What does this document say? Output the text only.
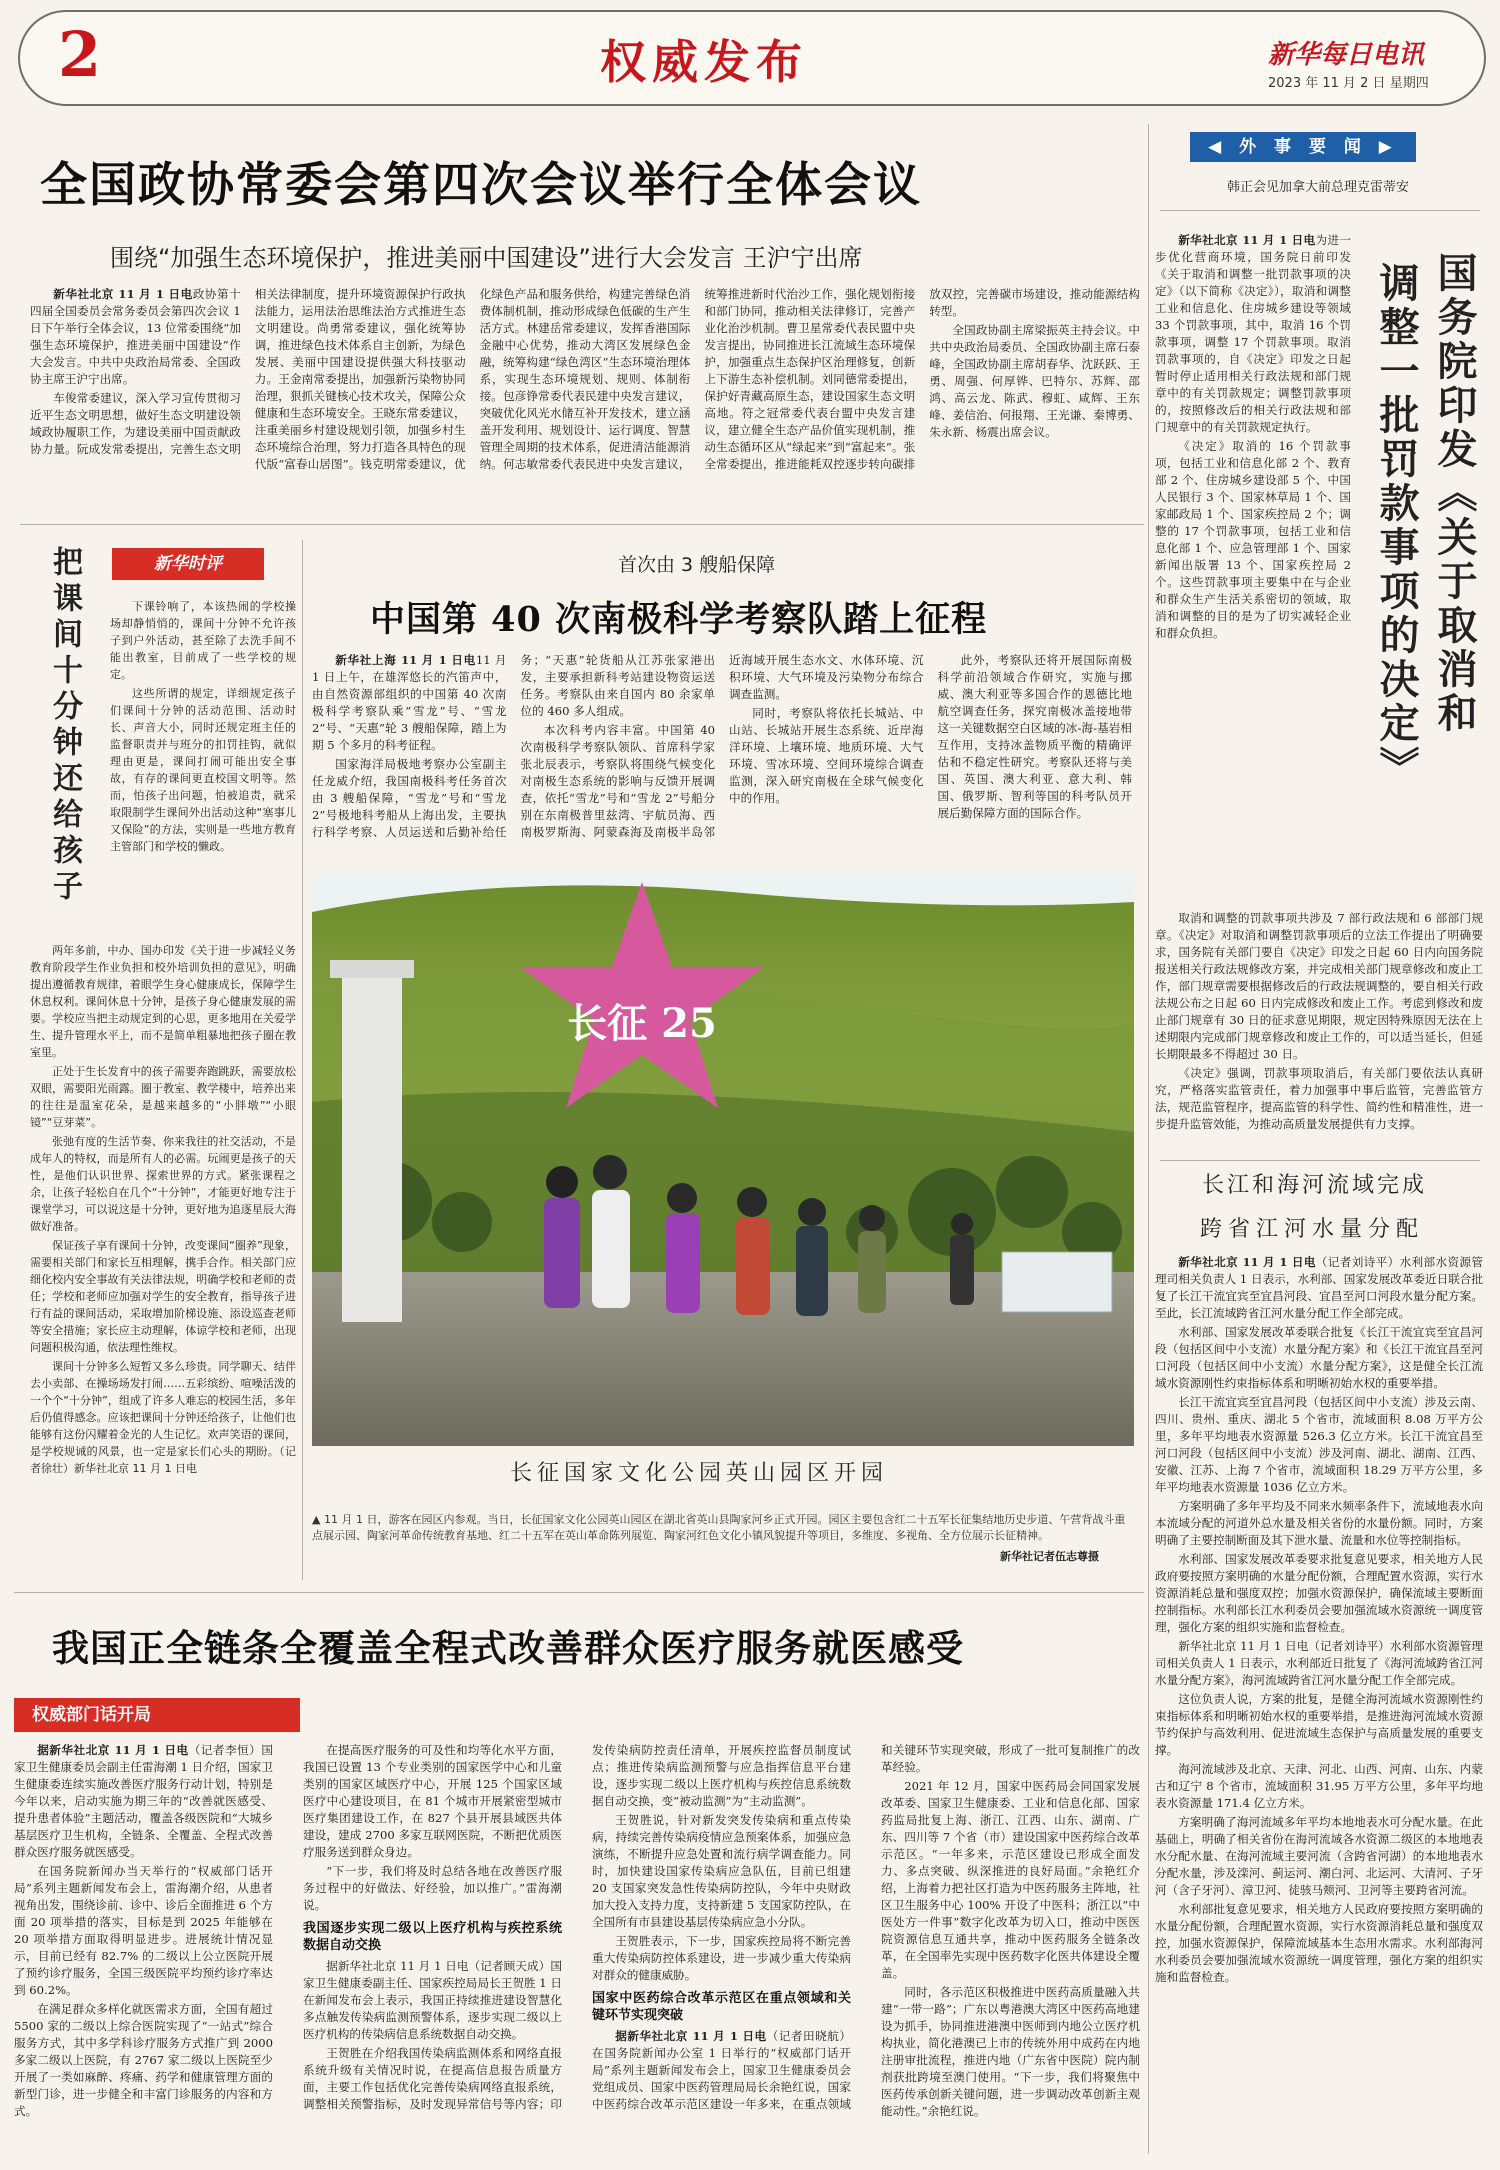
2	权威发布	新华每日电讯
2023 年 11 月 2 日 星期四
全国政协常委会第四次会议举行全体会议
围绕“加强生态环境保护，推进美丽中国建设”进行大会发言 王沪宁出席

新华社北京 11 月 1 日电政协第十四届全国委员会常务委员会第四次会议 1 日下午举行全体会议，13 位常委围绕“加强生态环境保护，推进美丽中国建设”作大会发言。中共中央政治局常委、全国政协主席王沪宁出席。

车俊常委建议，深入学习宣传贯彻习近平生态文明思想，做好生态文明建设领域政协履职工作，为建设美丽中国贡献政协力量。阮成发常委提出，完善生态文明相关法律制度，提升环境资源保护行政执法能力，运用法治思维法治方式推进生态文明建设。尚勇常委建议，强化统筹协调，推进绿色技术体系自主创新，为绿色发展、美丽中国建设提供强大科技驱动力。王金南常委提出，加强新污染物协同治理，狠抓关键核心技术攻关，保障公众健康和生态环境安全。王晓东常委建议，注重美丽乡村建设规划引领，加强乡村生态环境综合治理，努力打造各具特色的现代版“富春山居图”。钱克明常委建议，优化绿色产品和服务供给，构建完善绿色消费体制机制，推动形成绿色低碳的生产生活方式。林建岳常委建议，发挥香港国际金融中心优势，推动大湾区发展绿色金融，统筹构建“绿色湾区”生态环境治理体系，实现生态环境规划、规则、体制衔接。包彦铮常委代表民建中央发言建议，突破优化风光水储互补开发技术，建立涵盖开发利用、规划设计、运行调度、智慧管理全周期的技术体系，促进清洁能源消纳。何志敏常委代表民进中央发言建议，统筹推进新时代治沙工作，强化规划衔接和部门协同，推动相关法律修订，完善产业化治沙机制。曹卫星常委代表民盟中央发言提出，协同推进长江流域生态环境保护，加强重点生态保护区治理修复，创新上下游生态补偿机制。刘同德常委提出，保护好青藏高原生态，建设国家生态文明高地。符之冠常委代表台盟中央发言建议，建立健全生态产品价值实现机制，推动生态循环区从“绿起来”到“富起来”。张全常委提出，推进能耗双控逐步转向碳排放双控，完善碳市场建设，推动能源结构转型。

全国政协副主席梁振英主持会议。中共中央政治局委员、全国政协副主席石泰峰，全国政协副主席胡春华、沈跃跃、王勇、周强、何厚铧、巴特尔、苏辉、邵鸿、高云龙、陈武、穆虹、咸辉、王东峰、姜信治、何报翔、王光谦、秦博勇、朱永新、杨震出席会议。

◀ 外 事 要 闻 ▶
韩正会见加拿大前总理克雷蒂安
国务院印发《关于取消和
调整一批罚款事项的决定》

新华社北京 11 月 1 日电为进一步优化营商环境，国务院日前印发《关于取消和调整一批罚款事项的决定》（以下简称《决定》），取消和调整工业和信息化、住房城乡建设等领域 33 个罚款事项，其中，取消 16 个罚款事项，调整 17 个罚款事项。取消罚款事项的，自《决定》印发之日起暂时停止适用相关行政法规和部门规章中的有关罚款规定；调整罚款事项的，按照修改后的相关行政法规和部门规章中的有关罚款规定执行。

《决定》取消的 16 个罚款事项，包括工业和信息化部 2 个、教育部 2 个、住房城乡建设部 5 个、中国人民银行 3 个、国家林草局 1 个、国家邮政局 1 个、国家疾控局 2 个；调整的 17 个罚款事项，包括工业和信息化部 1 个、应急管理部 1 个、国家新闻出版署 13 个、国家疾控局 2 个。这些罚款事项主要集中在与企业和群众生产生活关系密切的领域，取消和调整的目的是为了切实减轻企业和群众负担。

取消和调整的罚款事项共涉及 7 部行政法规和 6 部部门规章。《决定》对取消和调整罚款事项后的立法工作提出了明确要求，国务院有关部门要自《决定》印发之日起 60 日内向国务院报送相关行政法规修改方案，并完成相关部门规章修改和废止工作，部门规章需要根据修改后的行政法规调整的，要自相关行政法规公布之日起 60 日内完成修改和废止工作。考虑到修改和废止部门规章有 30 日的征求意见期限，规定因特殊原因无法在上述期限内完成部门规章修改和废止工作的，可以适当延长，但延长期限最多不得超过 30 日。

《决定》强调，罚款事项取消后，有关部门要依法认真研究，严格落实监管责任，着力加强事中事后监管，完善监管方法，规范监管程序，提高监管的科学性、简约性和精准性，进一步提升监管效能，为推动高质量发展提供有力支撑。

把课间十分钟还给孩子	新华时评

下课铃响了，本该热闹的学校操场却静悄悄的，课间十分钟不允许孩子到户外活动，甚至除了去洗手间不能出教室，目前成了一些学校的规定。

这些所谓的规定，详细规定孩子们课间十分钟的活动范围、活动时长、声音大小，同时还规定班主任的监督职责并与班分的扣罚挂钩，就似理由更是，课间打闹可能出安全事故，有存的课间更直校国文明等。然而，怕孩子出问题，怕被追责，就采取限制学生课间外出活动这种“塞事儿又保险”的方法，实则是一些地方教育主管部门和学校的懒政。

两年多前，中办、国办印发《关于进一步减轻义务教育阶段学生作业负担和校外培训负担的意见》，明确提出遵循教育规律，着眼学生身心健康成长，保障学生休息权利。课间休息十分钟，是孩子身心健康发展的需要。学校应当把主动规定到的心思，更多地用在关爱学生、提升管理水平上，而不是简单粗暴地把孩子圈在教室里。

正处于生长发育中的孩子需要奔跑跳跃，需要放松双眼，需要阳光雨露。圈于教室、教学楼中，培养出来的往往是温室花朵，是越来越多的“小胖墩”“小眼镜”“豆芽菜”。

张弛有度的生活节奏、你来我往的社交活动，不是成年人的特权，而是所有人的必需。玩闹更是孩子的天性，是他们认识世界、探索世界的方式。紧张课程之余，让孩子轻松自在几个“十分钟”，才能更好地专注于课堂学习，可以说这是十分钟，更好地为追逐星辰大海做好准备。

保证孩子享有课间十分钟，改变课间“圈养”现象，需要相关部门和家长互相理解，携手合作。相关部门应细化校内安全事故有关法律法规，明确学校和老师的责任；学校和老师应加强对学生的安全教育，指导孩子进行有益的课间活动，采取增加阶梯设施、添设巡查老师等安全措施；家长应主动理解，体谅学校和老师，出现问题积极沟通，依法理性维权。

课间十分钟多么短暂又多么珍贵。同学聊天、结伴去小卖部、在操场场发打闹……五彩缤纷、喧噪活泼的一个个“十分钟”，组成了许多人难忘的校园生活，多年后仍值得感念。应该把课间十分钟还给孩子，让他们也能够有这份闪耀着金光的人生记忆。欢声笑语的课间，是学校规诫的风景，也一定是家长们心头的期盼。（记者徐壮）新华社北京 11 月 1 日电

首次由 3 艘船保障
中国第 40 次南极科学考察队踏上征程

新华社上海 11 月 1 日电11 月 1 日上午，在雄浑悠长的汽笛声中，由自然资源部组织的中国第 40 次南极科学考察队乘“雪龙”号、“雪龙 2”号、“天惠”轮 3 艘船保障，踏上为期 5 个多月的科考征程。

国家海洋局极地考察办公室副主任龙威介绍，我国南极科考任务首次由 3 艘船保障，“雪龙”号和“雪龙 2”号极地科考船从上海出发，主要执行科学考察、人员运送和后勤补给任务；“天惠”轮货船从江苏张家港出发，主要承担新科考站建设物资运送任务。考察队由来自国内 80 余家单位的 460 多人组成。

本次科考内容丰富。中国第 40 次南极科学考察队领队、首席科学家张北辰表示，考察队将围绕气候变化对南极生态系统的影响与反馈开展调查，依托“雪龙”号和“雪龙 2”号船分别在东南极普里兹湾、宇航员海、西南极罗斯海、阿蒙森海及南极半岛邻近海域开展生态水文、水体环境、沉积环境、大气环境及污染物分布综合调查监测。

同时，考察队将依托长城站、中山站、长城站开展生态系统、近岸海洋环境、上壤环境、地质环境、大气环境、雪冰环境、空间环境综合调查监测，深入研究南极在全球气候变化中的作用。

此外，考察队还将开展国际南极科学前沿领域合作研究，实施与挪威、澳大利亚等多国合作的恩德比地航空调查任务，探究南极冰盖接地带这一关键数据空白区域的冰-海-基岩相互作用，支持冰盖物质平衡的精确评估和不稳定性研究。考察队还将与美国、英国、澳大利亚、意大利、韩国、俄罗斯、智利等国的科考队员开展后勤保障方面的国际合作。

长征 25
长征国家文化公园英山园区开园
▲ 11 月 1 日，游客在园区内参观。当日，长征国家文化公园英山园区在湖北省英山县陶家河乡正式开园。园区主要包含红二十五军长征集结地历史步道、午营背战斗重点展示园、陶家河革命传统教育基地、红二十五军在英山革命陈列展览、陶家河红色文化小镇风貌提升等项目，多维度、多视角、全方位展示长征精神。
新华社记者伍志尊摄
长江和海河流域完成
跨省江河水量分配

新华社北京 11 月 1 日电（记者刘诗平）水利部水资源管理司相关负责人 1 日表示，水利部、国家发展改革委近日联合批复了长江干流宜宾至宜昌河段、宜昌至河口河段水量分配方案。至此，长江流域跨省江河水量分配工作全部完成。

水利部、国家发展改革委联合批复《长江干流宜宾至宜昌河段（包括区间中小支流）水量分配方案》和《长江干流宜昌至河口河段（包括区间中小支流）水量分配方案》，这是健全长江流域水资源刚性约束指标体系和明晰初始水权的重要举措。

长江干流宜宾至宜昌河段（包括区间中小支流）涉及云南、四川、贵州、重庆、湖北 5 个省市，流域面积 8.08 万平方公里，多年平均地表水资源量 526.3 亿立方米。长江干流宜昌至河口河段（包括区间中小支流）涉及河南、湖北、湖南、江西、安徽、江苏、上海 7 个省市，流域面积 18.29 万平方公里，多年平均地表水资源量 1036 亿立方米。

方案明确了多年平均及不同来水频率条件下，流域地表水向本流域分配的河道外总水量及相关省份的水量份额。同时，方案明确了主要控制断面及其下泄水量、流量和水位等控制指标。

水利部、国家发展改革委要求批复意见要求，相关地方人民政府要按照方案明确的水量分配份额，合理配置水资源，实行水资源消耗总量和强度双控；加强水资源保护，确保流域主要断面控制指标。水利部长江水利委员会要加强流域水资源统一调度管理，强化方案的组织实施和监督检查。

新华社北京 11 月 1 日电（记者刘诗平）水利部水资源管理司相关负责人 1 日表示，水利部近日批复了《海河流域跨省江河水量分配方案》，海河流域跨省江河水量分配工作全部完成。

这位负责人说，方案的批复，是健全海河流域水资源刚性约束指标体系和明晰初始水权的重要举措，是推进海河流域水资源节约保护与高效利用、促进流域生态保护与高质量发展的重要支撑。

海河流域涉及北京、天津、河北、山西、河南、山东、内蒙古和辽宁 8 个省市，流域面积 31.95 万平方公里，多年平均地表水资源量 171.4 亿立方米。

方案明确了海河流域多年平均本地地表水可分配水量。在此基础上，明确了相关省份在海河流域各水资源二级区的本地地表水分配水量、在海河流域主要河流（含跨省河湖）的本地地表水分配水量，涉及滦河、蓟运河、潮白河、北运河、大清河、子牙河（含子牙河）、漳卫河、徒骇马颊河、卫河等主要跨省河流。

水利部批复意见要求，相关地方人民政府要按照方案明确的水量分配份额，合理配置水资源，实行水资源消耗总量和强度双控，加强水资源保护，保障流域基本生态用水需求。水利部海河水利委员会要加强流域水资源统一调度管理，强化方案的组织实施和监督检查。

我国正全链条全覆盖全程式改善群众医疗服务就医感受
权威部门话开局

据新华社北京 11 月 1 日电（记者李恒）国家卫生健康委员会副主任雷海潮 1 日介绍，国家卫生健康委连续实施改善医疗服务行动计划，特别是今年以来，启动实施为期三年的“改善就医感受、提升患者体验”主题活动，覆盖各级医院和“大城乡基层医疗卫生机构，全链条、全覆盖、全程式改善群众医疗服务就医感受。

在国务院新闻办当天举行的“权威部门话开局”系列主题新闻发布会上，雷海潮介绍，从患者视角出发，围绕诊前、诊中、诊后全面推进 6 个方面 20 项举措的落实，目标是到 2025 年能够在 20 项举措方面取得明显进步。进展统计情况显示，目前已经有 82.7% 的二级以上公立医院开展了预约诊疗服务，全国三级医院平均预约诊疗率达到 60.2%。

在满足群众多样化就医需求方面，全国有超过 5500 家的二级以上综合医院实现了“一站式”综合服务方式，其中多学科诊疗服务方式推广到 2000 多家二级以上医院，有 2767 家二级以上医院至少开展了一类如麻醉、疼痛、药学和健康管理方面的新型门诊，进一步健全和丰富门诊服务的内容和方式。

在提高医疗服务的可及性和均等化水平方面，我国已设置 13 个专业类别的国家医学中心和儿童类别的国家区域医疗中心，开展 125 个国家区域医疗中心建设项目，在 81 个城市开展紧密型城市医疗集团建设工作，在 827 个县开展县域医共体建设，建成 2700 多家互联网医院，不断把优质医疗服务送到群众身边。

“下一步，我们将及时总结各地在改善医疗服务过程中的好做法、好经验，加以推广。”雷海潮说。

我国逐步实现二级以上医疗机构与疾控系统数据自动交换

据新华社北京 11 月 1 日电（记者顾天成）国家卫生健康委副主任、国家疾控局局长王贺胜 1 日在新闻发布会上表示，我国正持续推进建设智慧化多点触发传染病监测预警体系，逐步实现二级以上医疗机构的传染病信息系统数据自动交换。

王贺胜在介绍我国传染病监测体系和网络直报系统升级有关情况时说，在提高信息报告质量方面，主要工作包括优化完善传染病网络直报系统，调整相关预警指标，及时发现异常信号等内容；印发传染病防控责任清单，开展疾控监督员制度试点；推进传染病监测预警与应急指挥信息平台建设，逐步实现二级以上医疗机构与疾控信息系统数据自动交换，变“被动监测”为“主动监测”。

王贺胜说，针对新发突发传染病和重点传染病，持续完善传染病疫情应急预案体系，加强应急演练，不断提升应急处置和流行病学调查能力。同时，加快建设国家传染病应急队伍，目前已组建 20 支国家突发急性传染病防控队，今年中央财政加大投入支持力度，支持新建 5 支国家防控队，在全国所有市县建设基层传染病应急小分队。

王贺胜表示，下一步，国家疾控局将不断完善重大传染病防控体系建设，进一步减少重大传染病对群众的健康威胁。

国家中医药综合改革示范区在重点领域和关键环节实现突破

据新华社北京 11 月 1 日电（记者田晓航）在国务院新闻办公室 1 日举行的“权威部门话开局”系列主题新闻发布会上，国家卫生健康委员会党组成员、国家中医药管理局局长余艳红说，国家中医药综合改革示范区建设一年多来，在重点领域和关键环节实现突破，形成了一批可复制推广的改革经验。

2021 年 12 月，国家中医药局会同国家发展改革委、国家卫生健康委、工业和信息化部、国家药监局批复上海、浙江、江西、山东、湖南、广东、四川等 7 个省（市）建设国家中医药综合改革示范区。“一年多来，示范区建设已形成全面发力、多点突破、纵深推进的良好局面。”余艳红介绍，上海着力把社区打造为中医药服务主阵地，社区卫生服务中心 100% 开设了中医科；浙江以“中医处方一件事”数字化改革为切入口，推动中医医院资源信息互通共享，推动中医药服务全链条改革，在全国率先实现中医药数字化医共体建设全覆盖。

同时，各示范区积极推进中医药高质量融入共建“一带一路”；广东以粤港澳大湾区中医药高地建设为抓手，协同推进港澳中医师到内地公立医疗机构执业，简化港澳已上市的传统外用中成药在内地注册审批流程，推进内地（广东省中医院）院内制剂获批跨境至澳门使用。“下一步，我们将聚焦中医药传承创新关键问题，进一步调动改革创新主观能动性。”余艳红说。
